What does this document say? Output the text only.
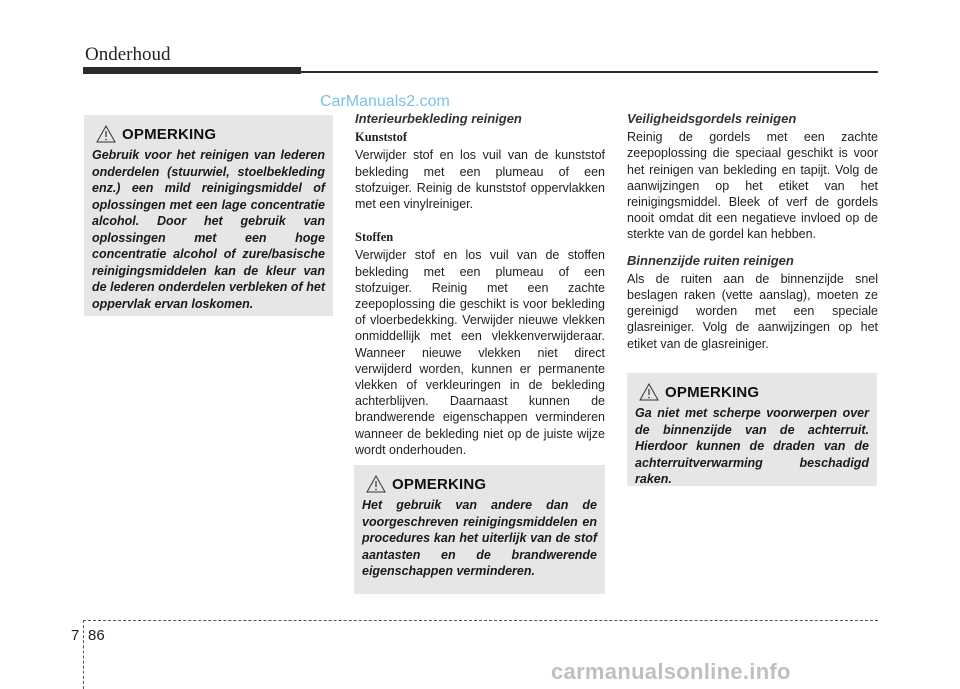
Onderhoud
CarManuals2.com
OPMERKING
Gebruik voor het reinigen van lederen onderdelen (stuurwiel, stoelbekleding enz.) een mild reinigingsmiddel of oplossingen met een lage concentratie alcohol. Door het gebruik van oplossingen met een hoge concentratie alcohol of zure/basische reinigingsmiddelen kan de kleur van de lederen onderdelen verbleken of het oppervlak ervan loskomen.
Interieurbekleding reinigen
Kunststof

Verwijder stof en los vuil van de kunststof bekleding met een plumeau of een stofzuiger. Reinig de kunststof oppervlakken met een vinylreiniger.

Stoffen

Verwijder stof en los vuil van de stoffen bekleding met een plumeau of een stofzuiger. Reinig met een zachte zeepoplossing die geschikt is voor bekleding of vloerbedekking. Verwijder nieuwe vlekken onmiddellijk met een vlekkenverwijderaar. Wanneer nieuwe vlekken niet direct verwijderd worden, kunnen er permanente vlekken of verkleuringen in de bekleding achterblijven. Daarnaast kunnen de brandwerende eigenschappen verminderen wanneer de bekleding niet op de juiste wijze wordt onderhouden.

OPMERKING
Het gebruik van andere dan de voorgeschreven reinigingsmiddelen en procedures kan het uiterlijk van de stof aantasten en de brandwerende eigenschappen verminderen.
Veiligheidsgordels reinigen

Reinig de gordels met een zachte zeepoplossing die speciaal geschikt is voor het reinigen van bekleding en tapijt. Volg de aanwijzingen op het etiket van het reinigingsmiddel. Bleek of verf de gordels nooit omdat dit een negatieve invloed op de sterkte van de gordel kan hebben.

Binnenzijde ruiten reinigen

Als de ruiten aan de binnenzijde snel beslagen raken (vette aanslag), moeten ze gereinigd worden met een speciale glasreiniger. Volg de aanwijzingen op het etiket van de glasreiniger.

OPMERKING
Ga niet met scherpe voorwerpen over de binnenzijde van de achterruit. Hierdoor kunnen de draden van de achterruitverwarming beschadigd raken.
7 86
carmanualsonline.info
